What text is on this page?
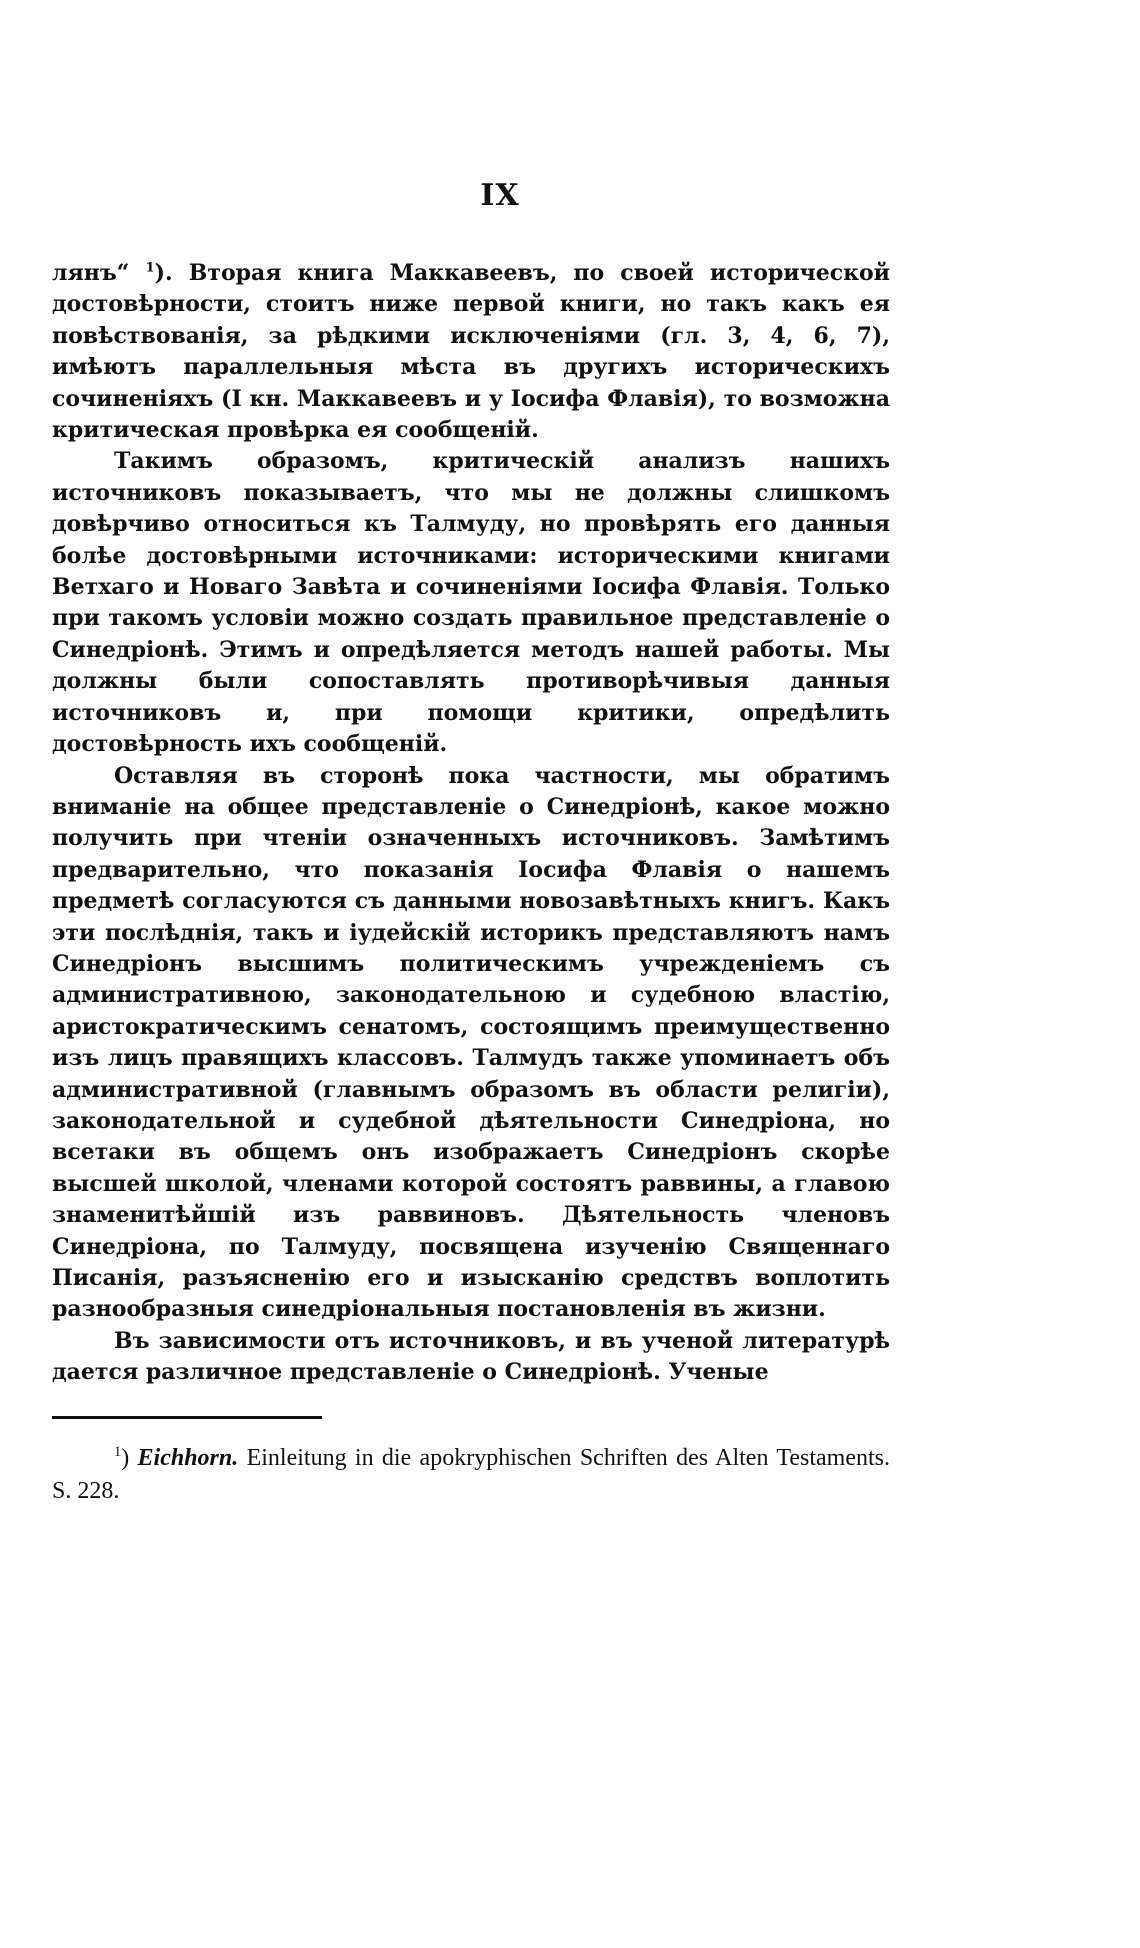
IX

лянъ“ $^1$). Вторая книга Маккавеевъ, по своей исторической достовѣрности, стоитъ ниже первой книги, но такъ какъ ея повѣствованія, за рѣдкими исключеніями (гл. 3, 4, 6, 7), имѣютъ параллельныя мѣста въ другихъ историческихъ сочиненіяхъ (I кн. Маккавеевъ и у Іосифа Флавія), то возможна критическая провѣрка ея сообщеній.

Такимъ образомъ, критическій анализъ нашихъ источниковъ показываетъ, что мы не должны слишкомъ довѣрчиво относиться къ Талмуду, но провѣрять его данныя болѣе достовѣрными источниками: историческими книгами Ветхаго и Новаго Завѣта и сочиненіями Іосифа Флавія. Только при такомъ условіи можно создать правильное представленіе о Синедріонѣ. Этимъ и опредѣляется методъ нашей работы. Мы должны были сопоставлять противорѣчивыя данныя источниковъ и, при помощи критики, опредѣлить достовѣрность ихъ сообщеній.

Оставляя въ сторонѣ пока частности, мы обратимъ вниманіе на общее представленіе о Синедріонѣ, какое можно получить при чтеніи означенныхъ источниковъ. Замѣтимъ предварительно, что показанія Іосифа Флавія о нашемъ предметѣ согласуются съ данными новозавѣтныхъ книгъ. Какъ эти послѣднія, такъ и іудейскій историкъ представляютъ намъ Синедріонъ высшимъ политическимъ учрежденіемъ съ административною, законодательною и судебною властію, аристократическимъ сенатомъ, состоящимъ преимущественно изъ лицъ правящихъ классовъ. Талмудъ также упоминаетъ объ административной (главнымъ образомъ въ области религіи), законодательной и судебной дѣятельности Синедріона, но всетаки въ общемъ онъ изображаетъ Синедріонъ скорѣе высшей школой, членами которой состоятъ раввины, а главою знаменитѣйшій изъ раввиновъ. Дѣятельность членовъ Синедріона, по Талмуду, посвящена изученію Священнаго Писанія, разъясненію его и изысканію средствъ воплотить разнообразныя синедріональныя постановленія въ жизни.

Въ зависимости отъ источниковъ, и въ ученой литературѣ дается различное представленіе о Синедріонѣ. Ученые

$^1$) Eichhorn. Einleitung in die apokryphischen Schriften des Alten Testaments. S. 228.
